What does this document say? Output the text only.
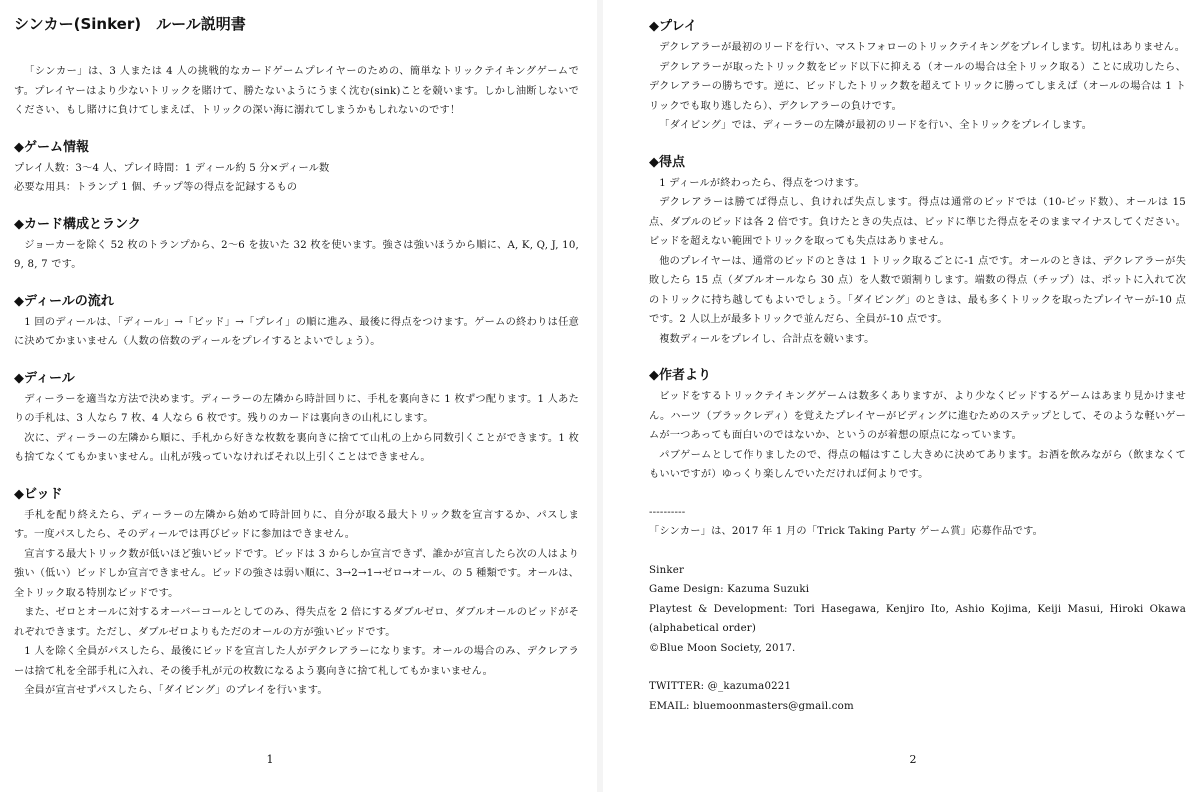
シンカー(Sinker)　ルール説明書

「シンカー」は、3 人または 4 人の挑戦的なカードゲームプレイヤーのための、簡単なトリックテイキングゲームです。プレイヤーはより少ないトリックを賭けて、勝たないようにうまく沈む(sink)ことを競います。しかし油断しないでください、もし賭けに負けてしまえば、トリックの深い海に溺れてしまうかもしれないのです！

◆ゲーム情報

プレイ人数：3〜4 人、プレイ時間：1 ディール約 5 分×ディール数

必要な用具：トランプ 1 個、チップ等の得点を記録するもの

◆カード構成とランク

ジョーカーを除く 52 枚のトランプから、2〜6 を抜いた 32 枚を使います。強さは強いほうから順に、A, K, Q, J, 10, 9, 8, 7 です。

◆ディールの流れ

1 回のディールは、「ディール」→「ビッド」→「プレイ」の順に進み、最後に得点をつけます。ゲームの終わりは任意に決めてかまいません（人数の倍数のディールをプレイするとよいでしょう）。

◆ディール

ディーラーを適当な方法で決めます。ディーラーの左隣から時計回りに、手札を裏向きに 1 枚ずつ配ります。1 人あたりの手札は、3 人なら 7 枚、4 人なら 6 枚です。残りのカードは裏向きの山札にします。

次に、ディーラーの左隣から順に、手札から好きな枚数を裏向きに捨てて山札の上から同数引くことができます。1 枚も捨てなくてもかまいません。山札が残っていなければそれ以上引くことはできません。

◆ビッド

手札を配り終えたら、ディーラーの左隣から始めて時計回りに、自分が取る最大トリック数を宣言するか、パスします。一度パスしたら、そのディールでは再びビッドに参加はできません。

宣言する最大トリック数が低いほど強いビッドです。ビッドは 3 からしか宣言できず、誰かが宣言したら次の人はより強い（低い）ビッドしか宣言できません。ビッドの強さは弱い順に、3→2→1→ゼロ→オール、の 5 種類です。オールは、全トリック取る特別なビッドです。

また、ゼロとオールに対するオーバーコールとしてのみ、得失点を 2 倍にするダブルゼロ、ダブルオールのビッドがそれぞれできます。ただし、ダブルゼロよりもただのオールの方が強いビッドです。

1 人を除く全員がパスしたら、最後にビッドを宣言した人がデクレアラーになります。オールの場合のみ、デクレアラーは捨て札を全部手札に入れ、その後手札が元の枚数になるよう裏向きに捨て札してもかまいません。

全員が宣言せずパスしたら、「ダイビング」のプレイを行います。

1
◆プレイ

デクレアラーが最初のリードを行い、マストフォローのトリックテイキングをプレイします。切札はありません。

デクレアラーが取ったトリック数をビッド以下に抑える（オールの場合は全トリック取る）ことに成功したら、デクレアラーの勝ちです。逆に、ビッドしたトリック数を超えてトリックに勝ってしまえば（オールの場合は 1 トリックでも取り逃したら）、デクレアラーの負けです。

「ダイビング」では、ディーラーの左隣が最初のリードを行い、全トリックをプレイします。

◆得点

1 ディールが終わったら、得点をつけます。

デクレアラーは勝てば得点し、負ければ失点します。得点は通常のビッドでは（10-ビッド数）、オールは 15 点、ダブルのビッドは各 2 倍です。負けたときの失点は、ビッドに準じた得点をそのままマイナスしてください。ビッドを超えない範囲でトリックを取っても失点はありません。

他のプレイヤーは、通常のビッドのときは 1 トリック取るごとに-1 点です。オールのときは、デクレアラーが失敗したら 15 点（ダブルオールなら 30 点）を人数で頭割りします。端数の得点（チップ）は、ポットに入れて次のトリックに持ち越してもよいでしょう。「ダイビング」のときは、最も多くトリックを取ったプレイヤーが-10 点です。2 人以上が最多トリックで並んだら、全員が-10 点です。

複数ディールをプレイし、合計点を競います。

◆作者より

ビッドをするトリックテイキングゲームは数多くありますが、より少なくビッドするゲームはあまり見かけません。ハーツ（ブラックレディ）を覚えたプレイヤーがビディングに進むためのステップとして、そのような軽いゲームが一つあっても面白いのではないか、というのが着想の原点になっています。

パブゲームとして作りましたので、得点の幅はすこし大きめに決めてあります。お酒を飲みながら（飲まなくてもいいですが）ゆっくり楽しんでいただければ何よりです。

----------

「シンカー」は、2017 年 1 月の「Trick Taking Party ゲーム賞」応募作品です。

Sinker

Game Design: Kazuma Suzuki

Playtest & Development: Tori Hasegawa, Kenjiro Ito, Ashio Kojima, Keiji Masui, Hiroki Okawa (alphabetical order)

©Blue Moon Society, 2017.

TWITTER: @_kazuma0221

EMAIL: bluemoonmasters@gmail.com

2
